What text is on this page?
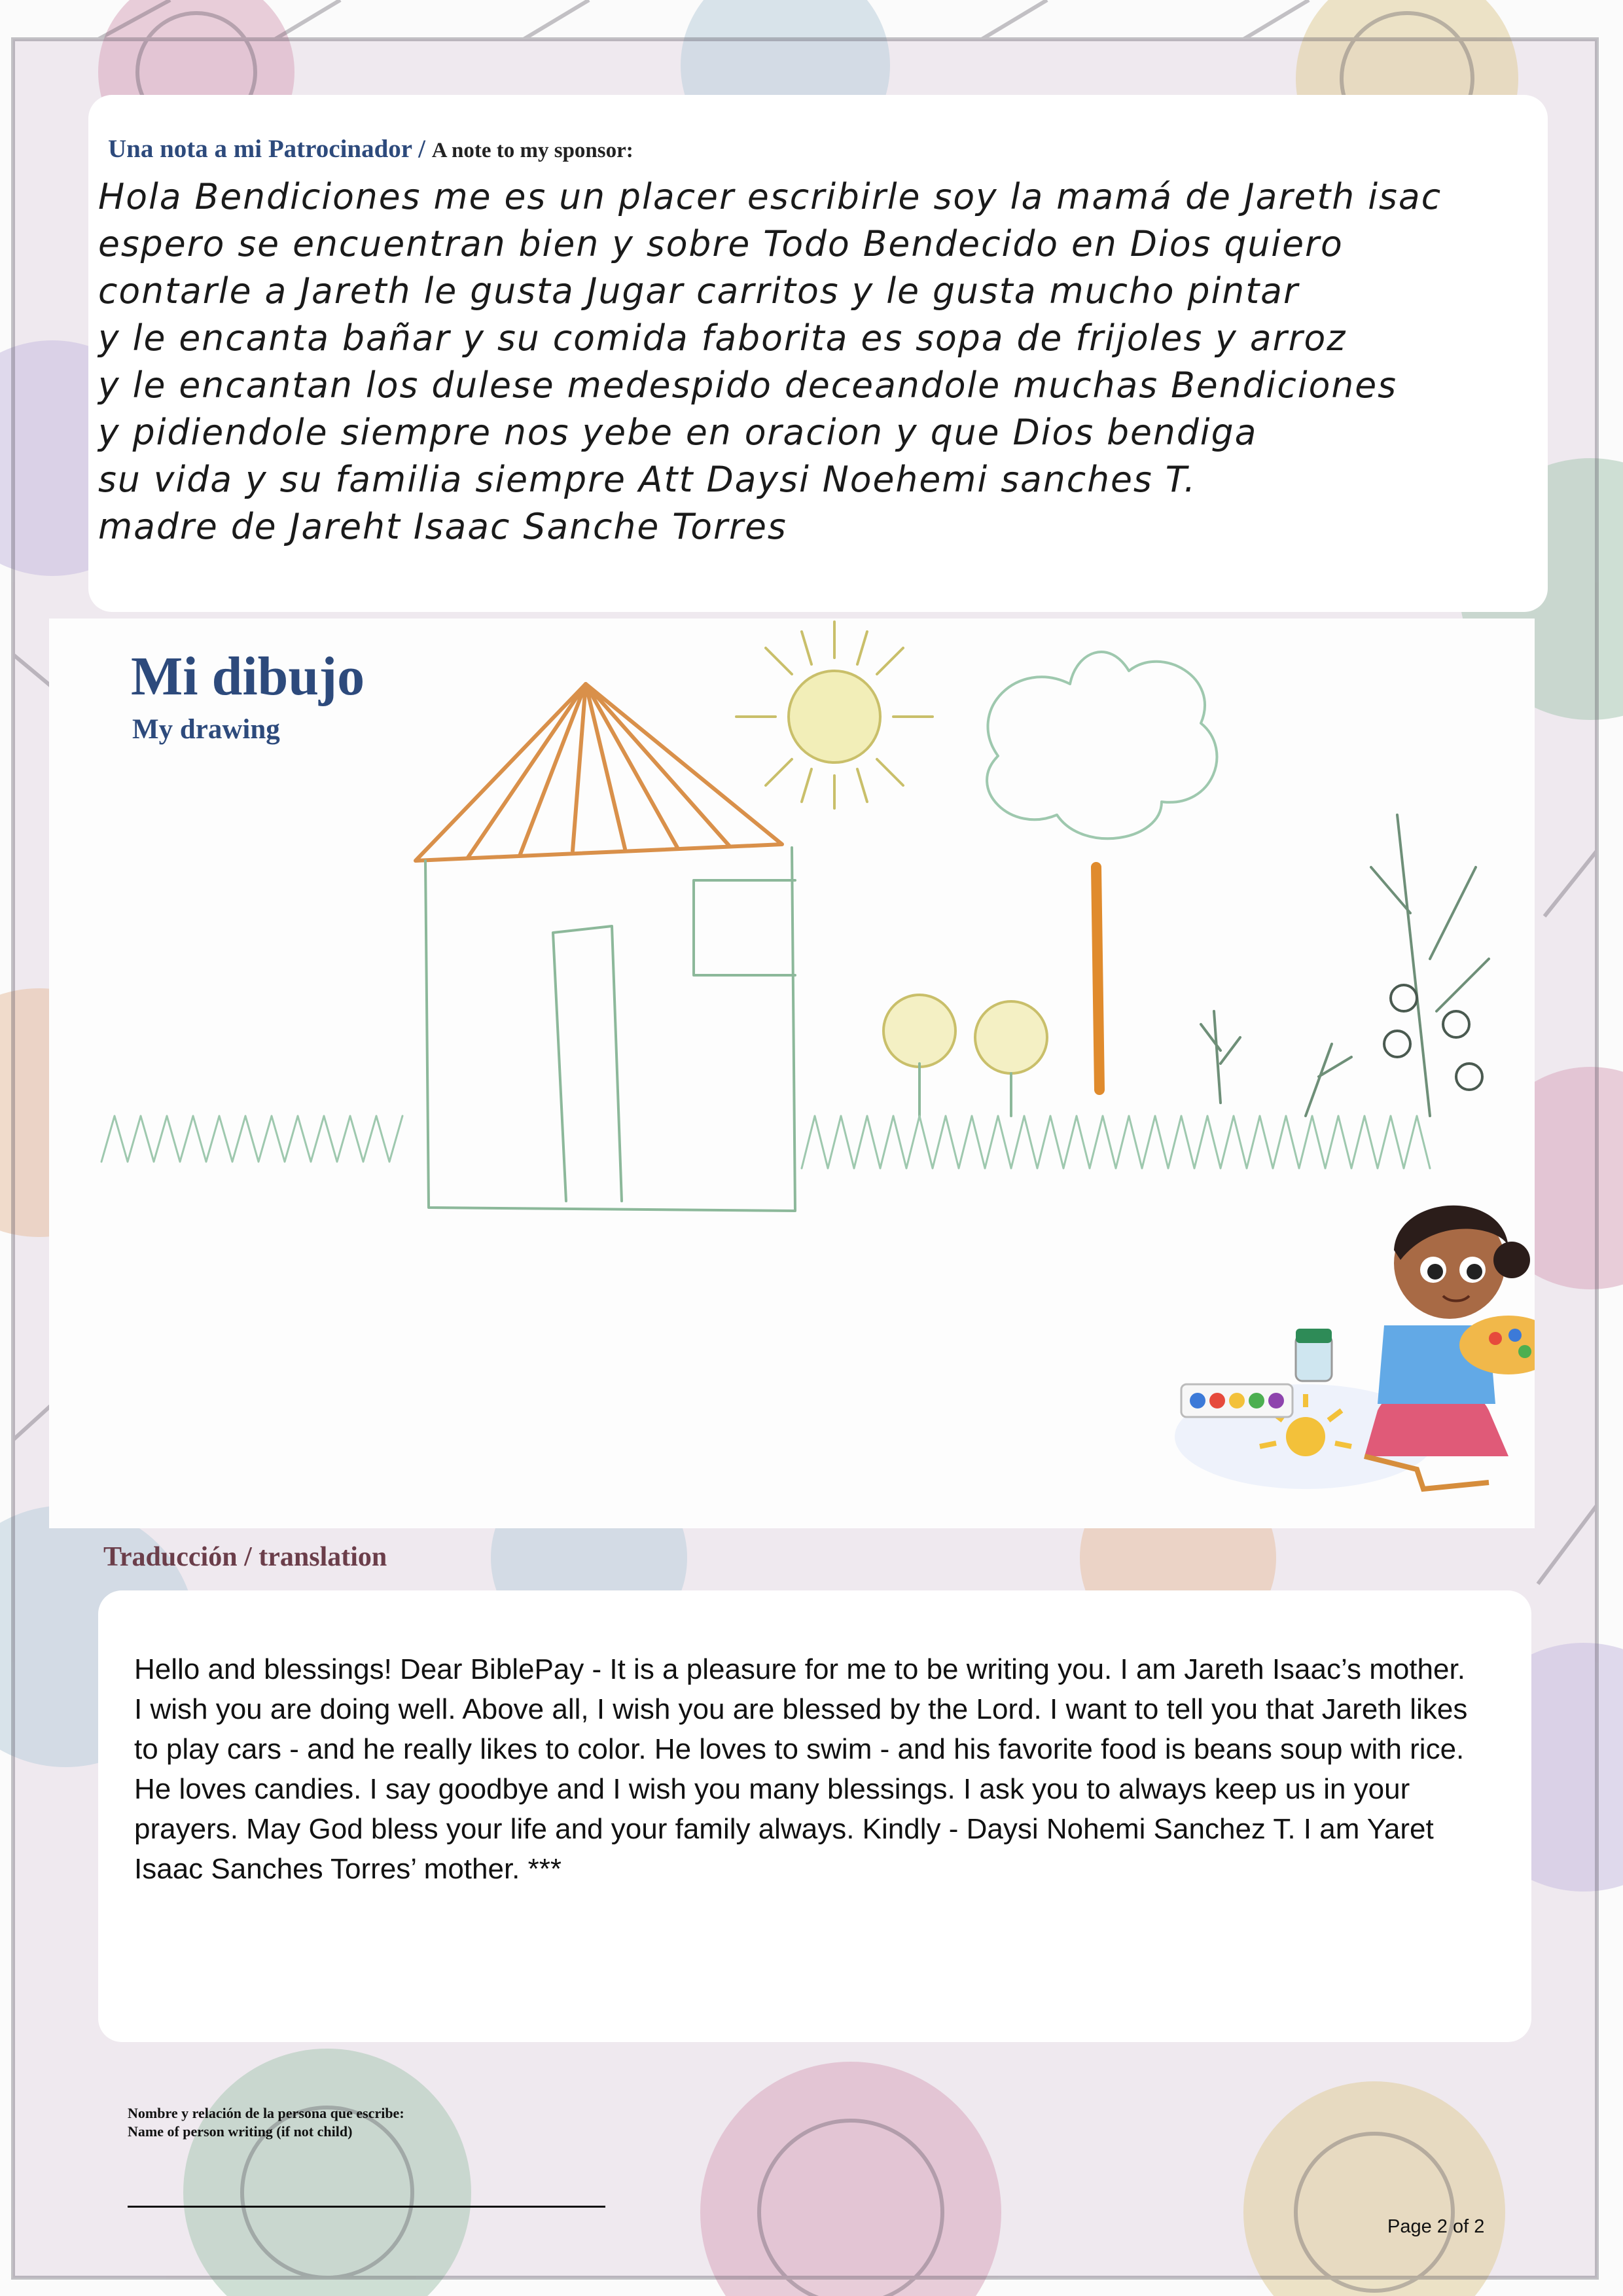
Una nota a mi Patrocinador / A note to my sponsor:
Hola Bendiciones me es un placer escribirle soy la mamá de Jareth isac
espero se encuentran bien y sobre Todo Bendecido en Dios quiero
contarle a Jareth le gusta Jugar carritos y le gusta mucho pintar
y le encanta bañar y su comida faborita es sopa de frijoles y arroz
y le encantan los dulese medespido deceandole muchas Bendiciones
y pidiendole siempre nos yebe en oracion y que Dios bendiga
su vida y su familia siempre Att Daysi Noehemi sanches T.
madre de Jareht Isaac Sanche Torres
Mi dibujo
My drawing
Traducción / translation
Hello and blessings! Dear BiblePay - It is a pleasure for me to be writing you. I am Jareth Isaac’s mother. I wish you are doing well. Above all, I wish you are blessed by the Lord. I want to tell you that Jareth likes to play cars - and he really likes to color. He loves to swim - and his favorite food is beans soup with rice. He loves candies. I say goodbye and I wish you many blessings. I ask you to always keep us in your prayers. May God bless your life and your family always. Kindly - Daysi Nohemi Sanchez T. I am Yaret Isaac Sanches Torres’ mother. ***
Nombre y relación de la persona que escribe:
Name of person writing (if not child)
Page 2 of 2
